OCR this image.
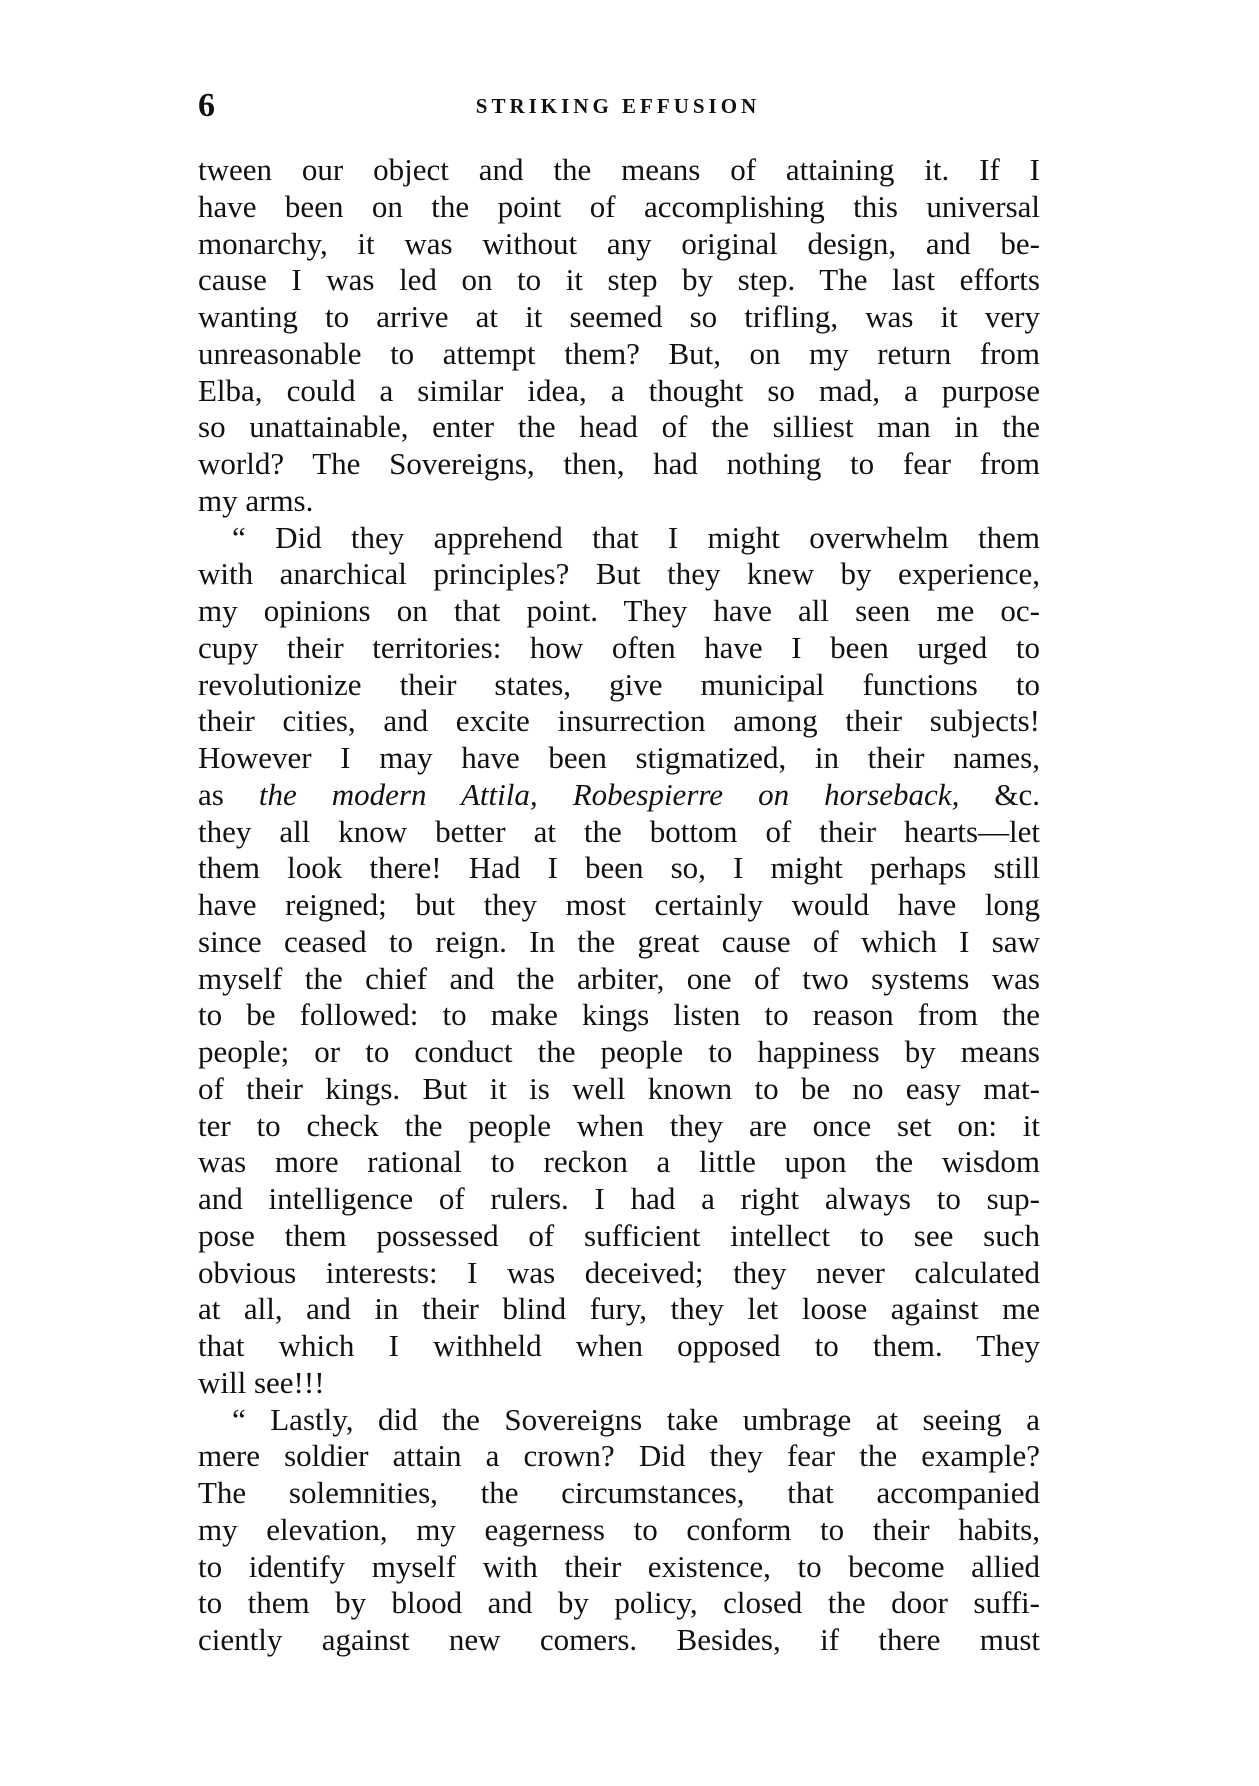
6	STRIKING EFFUSION
tween our object and the means of attaining it. If I
have been on the point of accomplishing this universal
monarchy, it was without any original design, and be-
cause I was led on to it step by step. The last efforts
wanting to arrive at it seemed so trifling, was it very
unreasonable to attempt them? But, on my return from
Elba, could a similar idea, a thought so mad, a purpose
so unattainable, enter the head of the silliest man in the
world? The Sovereigns, then, had nothing to fear from
my arms.
“ Did they apprehend that I might overwhelm them
with anarchical principles? But they knew by experience,
my opinions on that point. They have all seen me oc-
cupy their territories: how often have I been urged to
revolutionize their states, give municipal functions to
their cities, and excite insurrection among their subjects!
However I may have been stigmatized, in their names,
as the modern Attila, Robespierre on horseback, &c.
they all know better at the bottom of their hearts—let
them look there! Had I been so, I might perhaps still
have reigned; but they most certainly would have long
since ceased to reign. In the great cause of which I saw
myself the chief and the arbiter, one of two systems was
to be followed: to make kings listen to reason from the
people; or to conduct the people to happiness by means
of their kings. But it is well known to be no easy mat-
ter to check the people when they are once set on: it
was more rational to reckon a little upon the wisdom
and intelligence of rulers. I had a right always to sup-
pose them possessed of sufficient intellect to see such
obvious interests: I was deceived; they never calculated
at all, and in their blind fury, they let loose against me
that which I withheld when opposed to them. They
will see!!!
“ Lastly, did the Sovereigns take umbrage at seeing a
mere soldier attain a crown? Did they fear the example?
The solemnities, the circumstances, that accompanied
my elevation, my eagerness to conform to their habits,
to identify myself with their existence, to become allied
to them by blood and by policy, closed the door suffi-
ciently against new comers. Besides, if there must
